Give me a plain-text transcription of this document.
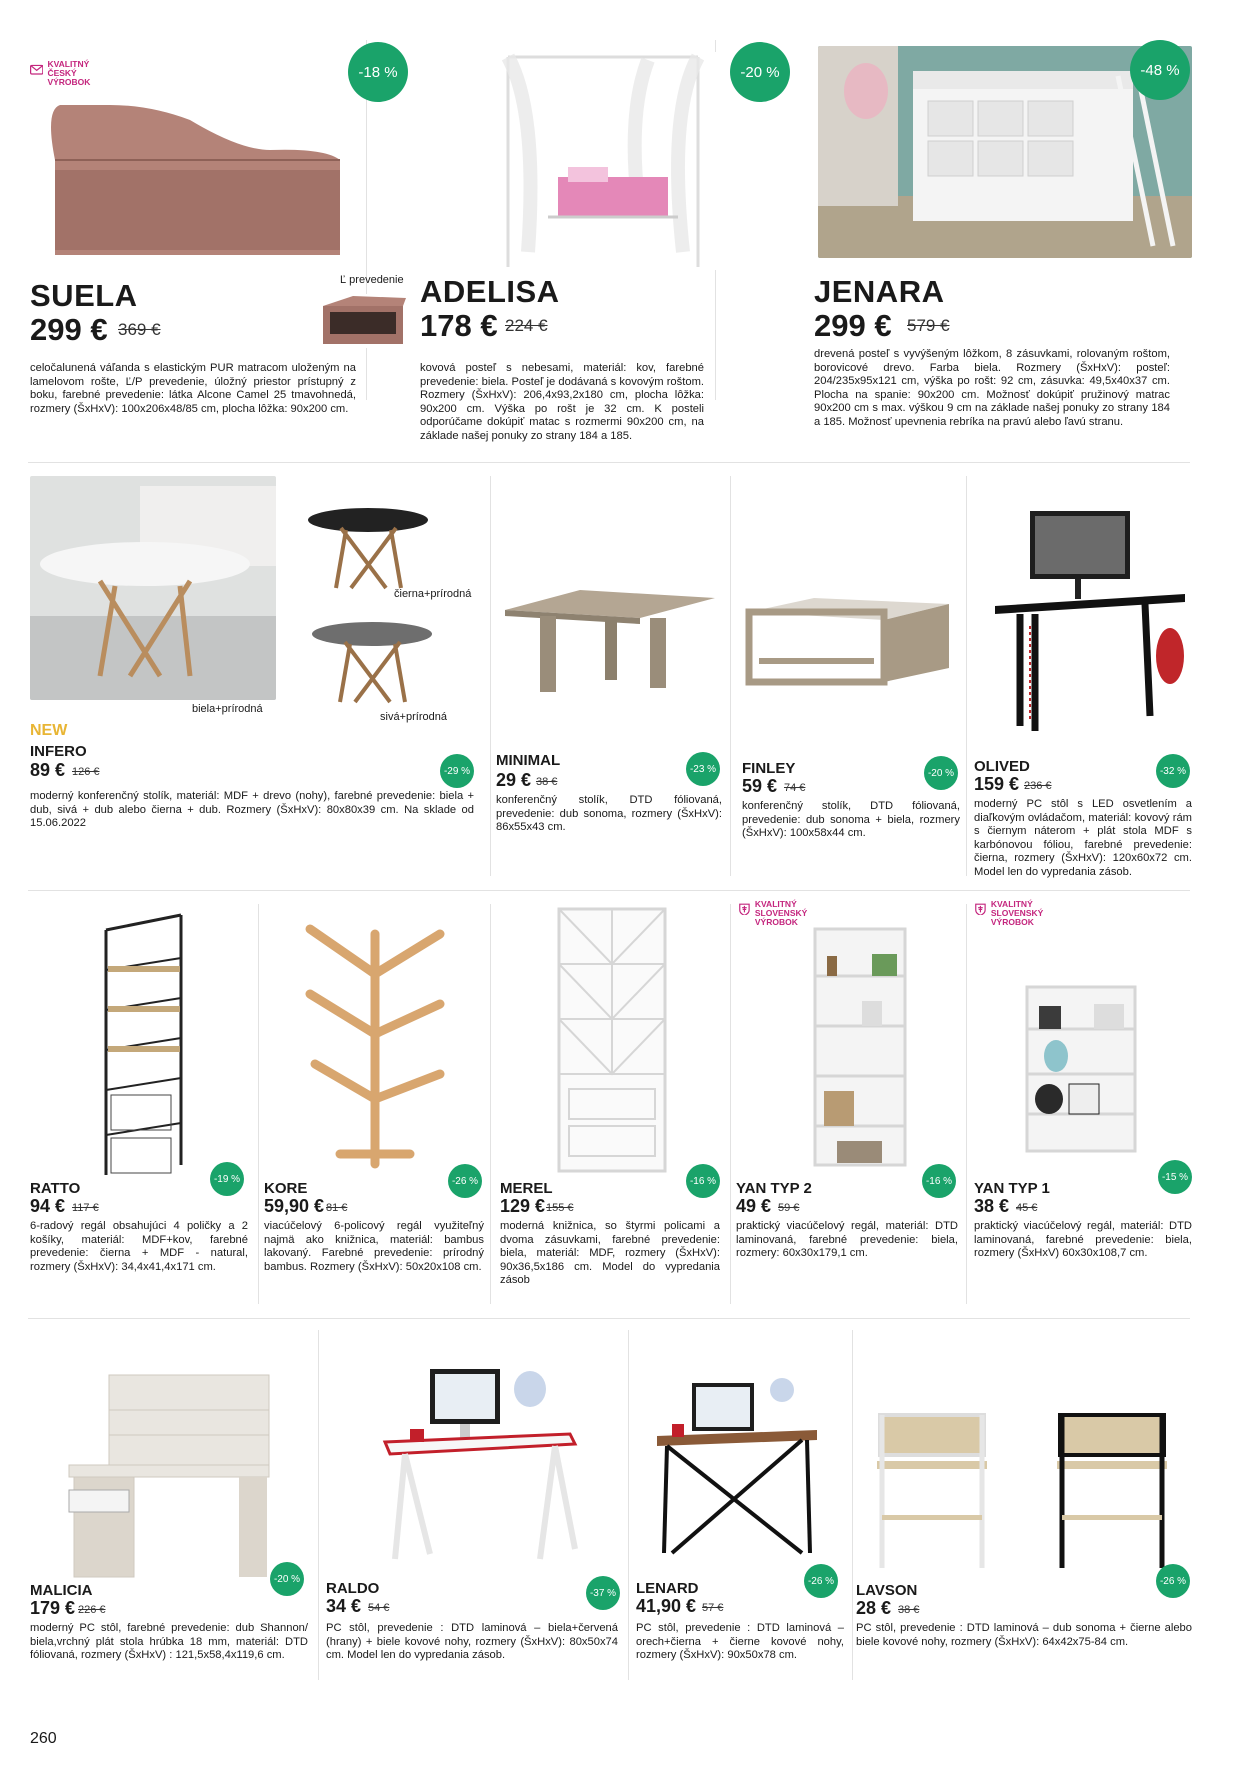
KVALITNÝ ČESKÝ VÝROBOK
SUELA
299 € 369 €
Ľ prevedenie
-18 %
celočalunená váľanda s elastickým PUR matracom uloženým na lamelovom rošte, Ľ/P prevedenie, úložný priestor prístupný z boku, farebné prevedenie: látka Alcone Camel 25 tmavohnedá, rozmery (ŠxHxV): 100x206x48/85 cm, plocha lôžka: 90x200 cm.
ADELISA
178 € 224 €
-20 %
kovová posteľ s nebesami, materiál: kov, farebné prevedenie: biela. Posteľ je dodávaná s kovovým roštom. Rozmery (ŠxHxV): 206,4x93,2x180 cm, plocha lôžka: 90x200 cm. Výška po rošt je 32 cm. K posteli odporúčame dokúpiť matac s rozmermi 90x200 cm, na základe našej ponuky zo strany 184 a 185.
JENARA
299 € 579 €
-48 %
drevená posteľ s vyvýšeným lôžkom, 8 zásuvkami, rolovaným roštom, borovicové drevo. Farba biela. Rozmery (ŠxHxV): posteľ: 204/235x95x121 cm, výška po rošt: 92 cm, zásuvka: 49,5x40x37 cm. Plocha na spanie: 90x200 cm. Možnosť dokúpiť pružinový matrac 90x200 cm s max. výškou 9 cm na základe našej ponuky zo strany 184 a 185. Možnosť upevnenia rebríka na pravú alebo ľavú stranu.
čierna+prírodná
biela+prírodná
sivá+prírodná
NEW
INFERO
89 € 126 €	-29 %
moderný konferenčný stolík, materiál: MDF + drevo (nohy), farebné prevedenie: biela + dub, sivá + dub alebo čierna + dub. Rozmery (ŠxHxV): 80x80x39 cm. Na sklade od 15.06.2022
MINIMAL
29 € 38 €
-23 %
konferenčný stolík, DTD fóliovaná, prevedenie: dub sonoma, rozmery (ŠxHxV): 86x55x43 cm.
FINLEY
59 € 74 €
-20 %
konferenčný stolík, DTD fóliovaná, prevedenie: dub sonoma + biela, rozmery (ŠxHxV): 100x58x44 cm.
OLIVED
159 € 236 €
-32 %
moderný PC stôl s LED osvetlením a diaľkovým ovládačom, materiál: kovový rám s čiernym náterom + plát stola MDF s karbónovou fóliou, farebné prevedenie: čierna, rozmery (ŠxHxV): 120x60x72 cm. Model len do vypredania zásob.
RATTO
94 € 117 €
-19 %
6-radový regál obsahujúci 4 poličky a 2 košíky, materiál: MDF+kov, farebné prevedenie: čierna + MDF - natural, rozmery (ŠxHxV): 34,4x41,4x171 cm.
KORE
59,90 € 81 €
-26 %
viacúčelový 6-policový regál využiteľný najmä ako knižnica, materiál: bambus lakovaný. Farebné prevedenie: prírodný bambus. Rozmery (ŠxHxV): 50x20x108 cm.
MEREL
129 € 155 €
-16 %
moderná knižnica, so štyrmi policami a dvoma zásuvkami, farebné prevedenie: biela, materiál: MDF, rozmery (ŠxHxV): 90x36,5x186 cm. Model do vypredania zásob
KVALITNÝ SLOVENSKÝ VÝROBOK
YAN TYP 2
49 € 59 €
-16 %
praktický viacúčelový regál, materiál: DTD laminovaná, farebné prevedenie: biela, rozmery: 60x30x179,1 cm.
KVALITNÝ SLOVENSKÝ VÝROBOK
YAN TYP 1
38 € 45 €
-15 %
praktický viacúčelový regál, materiál: DTD laminovaná, farebné prevedenie: biela, rozmery (ŠxHxV) 60x30x108,7 cm.
MALICIA
179 € 226 €
-20 %
moderný PC stôl, farebné prevedenie: dub Shannon/ biela,vrchný plát stola hrúbka 18 mm, materiál: DTD fóliovaná, rozmery (ŠxHxV) : 121,5x58,4x119,6 cm.
RALDO
34 € 54 €
-37 %
PC stôl, prevedenie : DTD laminová – biela+červená (hrany) + biele kovové nohy, rozmery (ŠxHxV): 80x50x74 cm. Model len do vypredania zásob.
LENARD
41,90 € 57 €
-26 %
PC stôl, prevedenie : DTD laminová – orech+čierna + čierne kovové nohy, rozmery (ŠxHxV): 90x50x78 cm.
LAVSON
28 € 38 €
-26 %
PC stôl, prevedenie : DTD laminová – dub sonoma + čierne alebo biele kovové nohy, rozmery (ŠxHxV): 64x42x75-84 cm.
260
